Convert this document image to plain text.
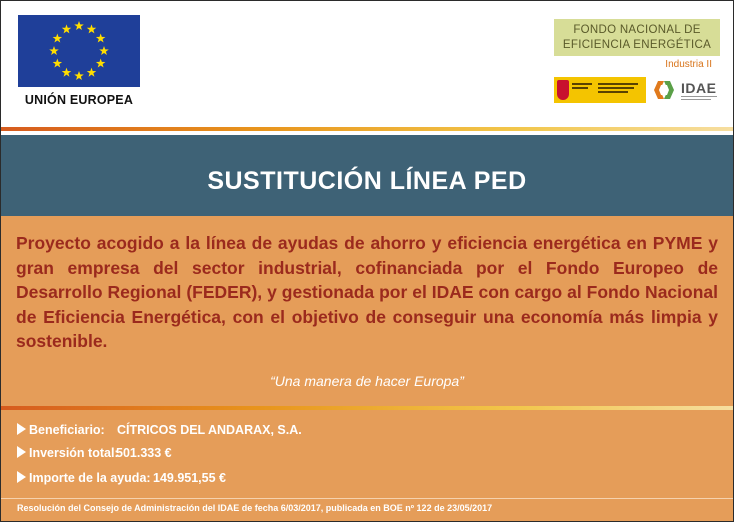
UNIÓN EUROPEA
FONDO NACIONAL DE
EFICIENCIA ENERGÉTICA
Industria II
IDAE
SUSTITUCIÓN LÍNEA PED

Proyecto acogido a la línea de ayudas de ahorro y eficiencia energética en PYME y gran empresa del sector industrial, cofinanciada por el Fondo Europeo de Desarrollo Regional (FEDER), y gestionada por el IDAE con cargo al Fondo Nacional de Eficiencia Energética, con el objetivo de conseguir una economía más limpia y sostenible.

“Una manera de hacer Europa”
Beneficiario: CÍTRICOS DEL ANDARAX, S.A.
Inversión total:
501.333 €
Importe de la ayuda: 149.951,55 €
Resolución del Consejo de Administración del IDAE de fecha 6/03/2017, publicada en BOE nº 122 de 23/05/2017
